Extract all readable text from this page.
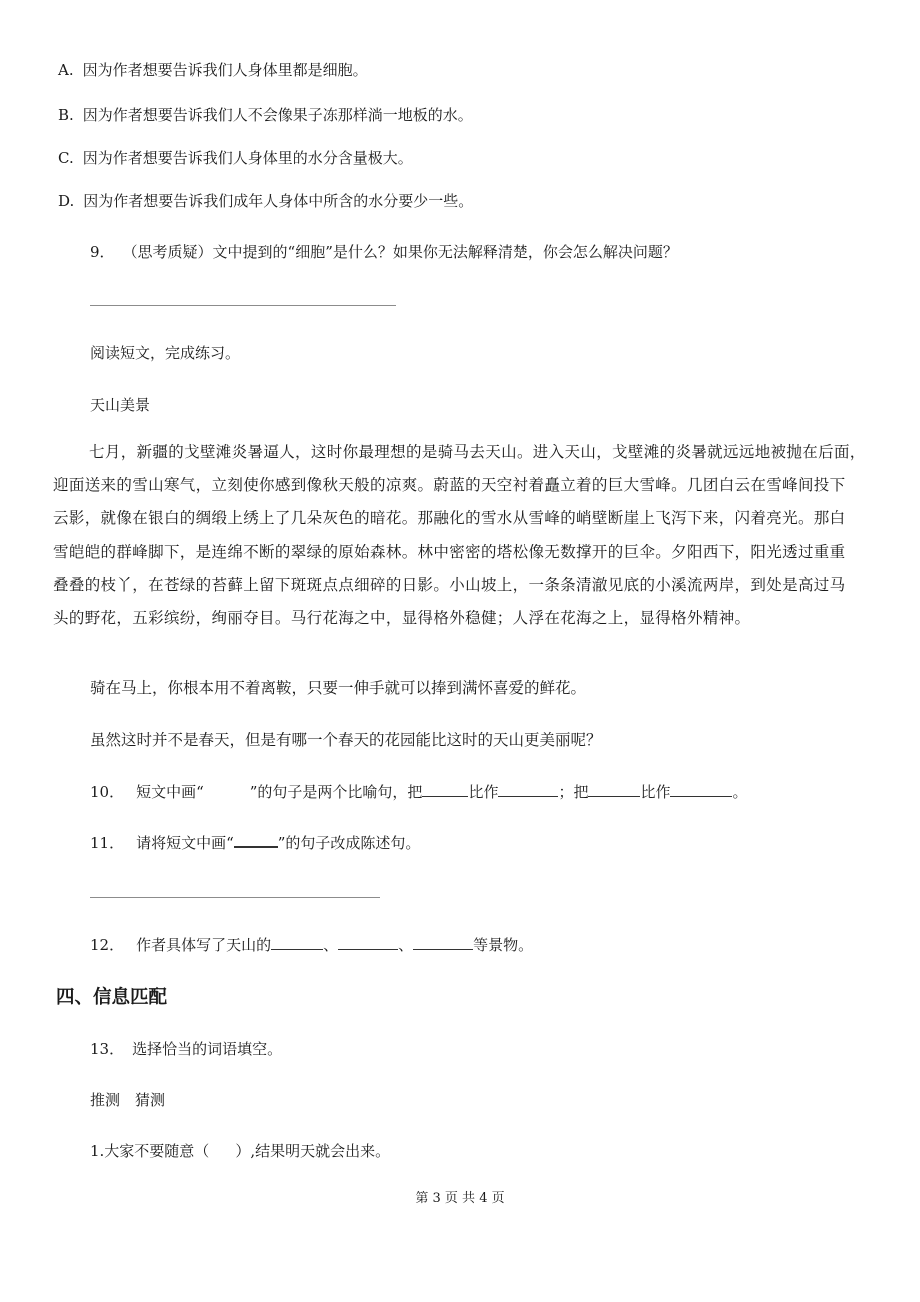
A. 因为作者想要告诉我们人身体里都是细胞。
B. 因为作者想要告诉我们人不会像果子冻那样淌一地板的水。
C. 因为作者想要告诉我们人身体里的水分含量极大。
D. 因为作者想要告诉我们成年人身体中所含的水分要少一些。
9． （思考质疑）文中提到的“细胞”是什么？如果你无法解释清楚，你会怎么解决问题？
阅读短文，完成练习。
天山美景
七月，新疆的戈壁滩炎暑逼人，这时你最理想的是骑马去天山。进入天山，戈壁滩的炎暑就远远地被抛在后面，
迎面送来的雪山寒气，立刻使你感到像秋天般的凉爽。蔚蓝的天空衬着矗立着的巨大雪峰。几团白云在雪峰间投下
云影，就像在银白的绸缎上绣上了几朵灰色的暗花。那融化的雪水从雪峰的峭壁断崖上飞泻下来，闪着亮光。那白
雪皑皑的群峰脚下，是连绵不断的翠绿的原始森林。林中密密的塔松像无数撑开的巨伞。夕阳西下，阳光透过重重
叠叠的枝丫，在苍绿的苔藓上留下斑斑点点细碎的日影。小山坡上，一条条清澈见底的小溪流两岸，到处是高过马
头的野花，五彩缤纷，绚丽夺目。马行花海之中，显得格外稳健；人浮在花海之上，显得格外精神。
骑在马上，你根本用不着离鞍，只要一伸手就可以捧到满怀喜爱的鲜花。
虽然这时并不是春天，但是有哪一个春天的花园能比这时的天山更美丽呢？
10． 短文中画“	”的句子是两个比喻句，把	比作	；把	比作	。
11． 请将短文中画“	”的句子改成陈述句。
12． 作者具体写了天山的	、	、	等景物。
四、信息匹配
13． 选择恰当的词语填空。
推测　猜测
1.大家不要随意（ ）,结果明天就会出来。
第 3 页 共 4 页
